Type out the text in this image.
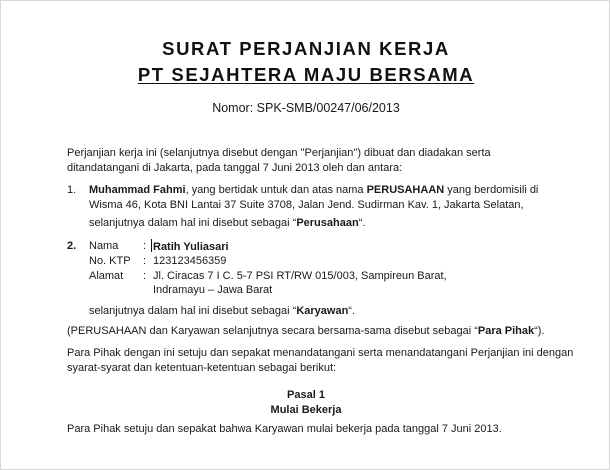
SURAT PERJANJIAN KERJA
PT SEJAHTERA MAJU BERSAMA
Nomor: SPK-SMB/00247/06/2013
Perjanjian kerja ini (selanjutnya disebut dengan "Perjanjian") dibuat dan diadakan serta
ditandatangani di Jakarta, pada tanggal 7 Juni 2013 oleh dan antara:
1. Muhammad Fahmi, yang bertidak untuk dan atas nama PERUSAHAAN yang berdomisili di
Wisma 46, Kota BNI Lantai 37 Suite 3708, Jalan Jend. Sudirman Kav. 1, Jakarta Selatan,
selanjutnya dalam hal ini disebut sebagai “Perusahaan“.
2. Nama : Ratih Yuliasari
No. KTP : 123123456359
Alamat : Jl. Ciracas 7 I C. 5-7 PSI RT/RW 015/003, Sampireun Barat,
Indramayu – Jawa Barat
selanjutnya dalam hal ini disebut sebagai “Karyawan“.
(PERUSAHAAN dan Karyawan selanjutnya secara bersama-sama disebut sebagai “Para Pihak“).
Para Pihak dengan ini setuju dan sepakat menandatangani serta menandatangani Perjanjian ini dengan
syarat-syarat dan ketentuan-ketentuan sebagai berikut:
Pasal 1
Mulai Bekerja
Para Pihak setuju dan sepakat bahwa Karyawan mulai bekerja pada tanggal 7 Juni 2013.
